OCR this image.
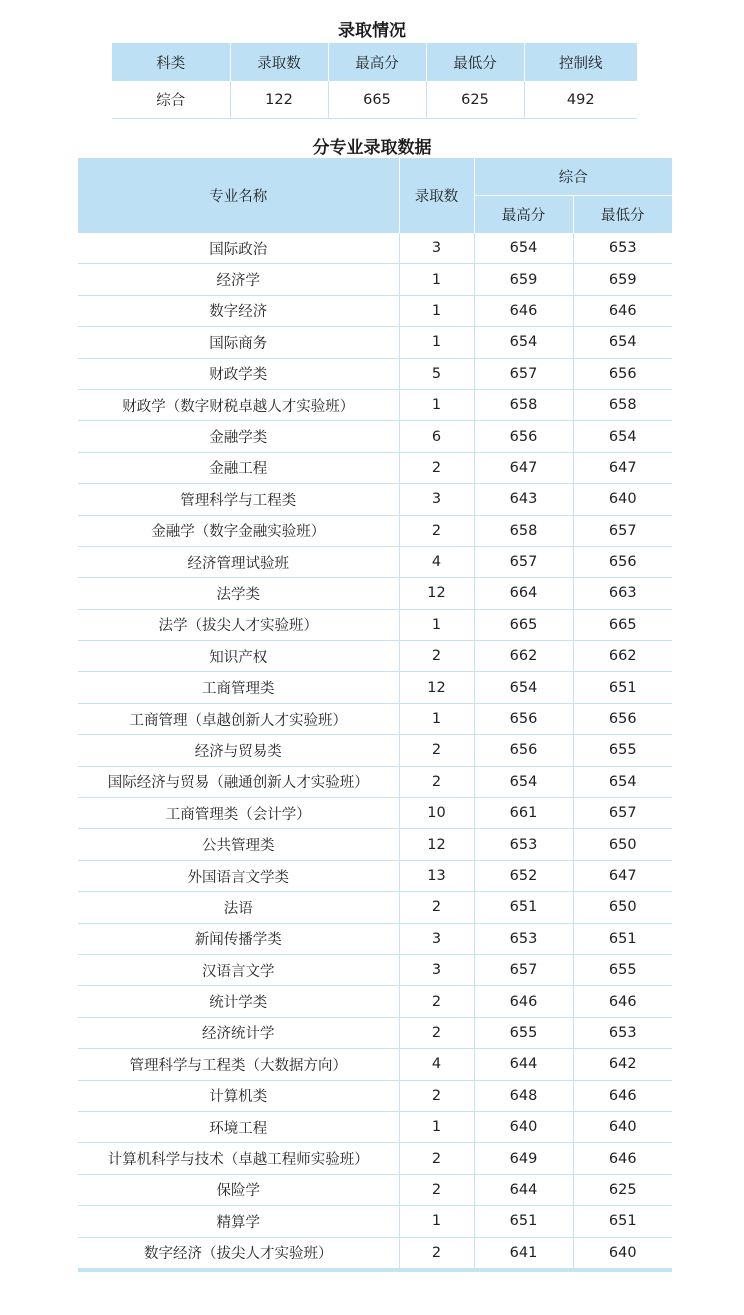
录取情况
科类	录取数	最高分	最低分	控制线
综合	122	665	625	492
分专业录取数据
专业名称	录取数	综合	
		最高分	最低分
国际政治	3	654	653
经济学	1	659	659
数字经济	1	646	646
国际商务	1	654	654
财政学类	5	657	656
财政学（数字财税卓越人才实验班）	1	658	658
金融学类	6	656	654
金融工程	2	647	647
管理科学与工程类	3	643	640
金融学（数字金融实验班）	2	658	657
经济管理试验班	4	657	656
法学类	12	664	663
法学（拔尖人才实验班）	1	665	665
知识产权	2	662	662
工商管理类	12	654	651
工商管理（卓越创新人才实验班）	1	656	656
经济与贸易类	2	656	655
国际经济与贸易（融通创新人才实验班）	2	654	654
工商管理类（会计学）	10	661	657
公共管理类	12	653	650
外国语言文学类	13	652	647
法语	2	651	650
新闻传播学类	3	653	651
汉语言文学	3	657	655
统计学类	2	646	646
经济统计学	2	655	653
管理科学与工程类（大数据方向）	4	644	642
计算机类	2	648	646
环境工程	1	640	640
计算机科学与技术（卓越工程师实验班）	2	649	646
保险学	2	644	625
精算学	1	651	651
数字经济（拔尖人才实验班）	2	641	640
